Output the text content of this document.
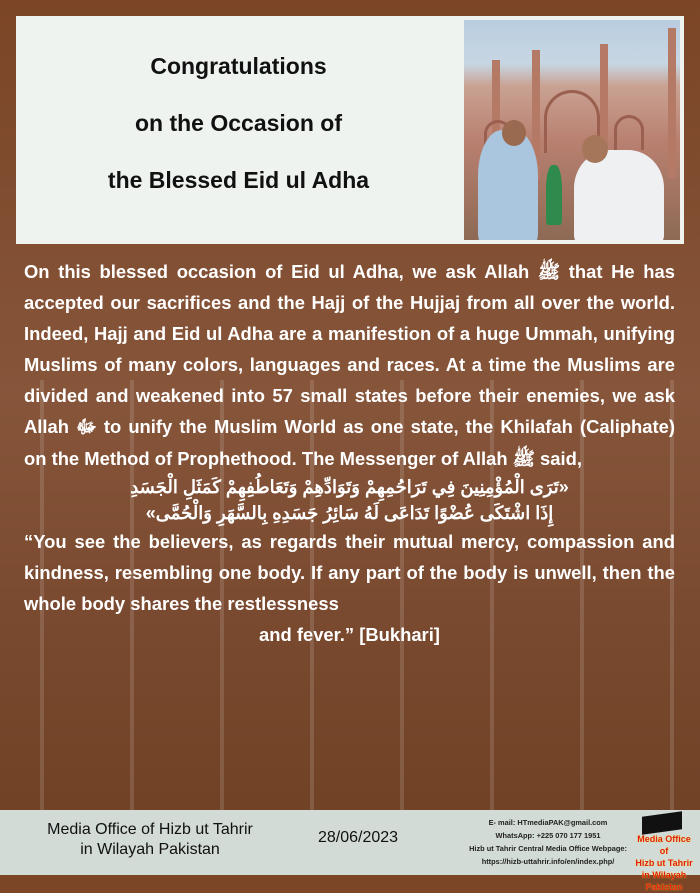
Congratulations
on the Occasion of
the Blessed Eid ul Adha

On this blessed occasion of Eid ul Adha, we ask Allah ﷺ that He has accepted our sacrifices and the Hajj of the Hujjaj from all over the world. Indeed, Hajj and Eid ul Adha are a manifestion of a huge Ummah, unifying Muslims of many colors, languages and races. At a time the Muslims are divided and weakened into 57 small states before their enemies, we ask Allah ﷻ to unify the Muslim World as one state, the Khilafah (Caliphate) on the Method of Prophethood. The Messenger of Allah ﷺ said,

«تَرَى الْمُؤْمِنِينَ فِي تَرَاحُمِهِمْ وَتَوَادِّهِمْ وَتَعَاطُفِهِمْ كَمَثَلِ الْجَسَدِ

إِذَا اشْتَكَى عُضْوًا تَدَاعَى لَهُ سَائِرُ جَسَدِهِ بِالسَّهَرِ وَالْحُمَّى»

“You see the believers, as regards their mutual mercy, compassion and kindness, resembling one body. If any part of the body is unwell, then the whole body shares the restlessness

and fever.” [Bukhari]

Media Office of Hizb ut Tahrir
in Wilayah Pakistan
28/06/2023
E- mail: HTmediaPAK@gmail.com
WhatsApp: +225 070 177 1951
Hizb ut Tahrir Central Media Office Webpage:
https://hizb-uttahrir.info/en/index.php/
Media Office of
Hizb ut Tahrir
in Wilayah Pakistan
